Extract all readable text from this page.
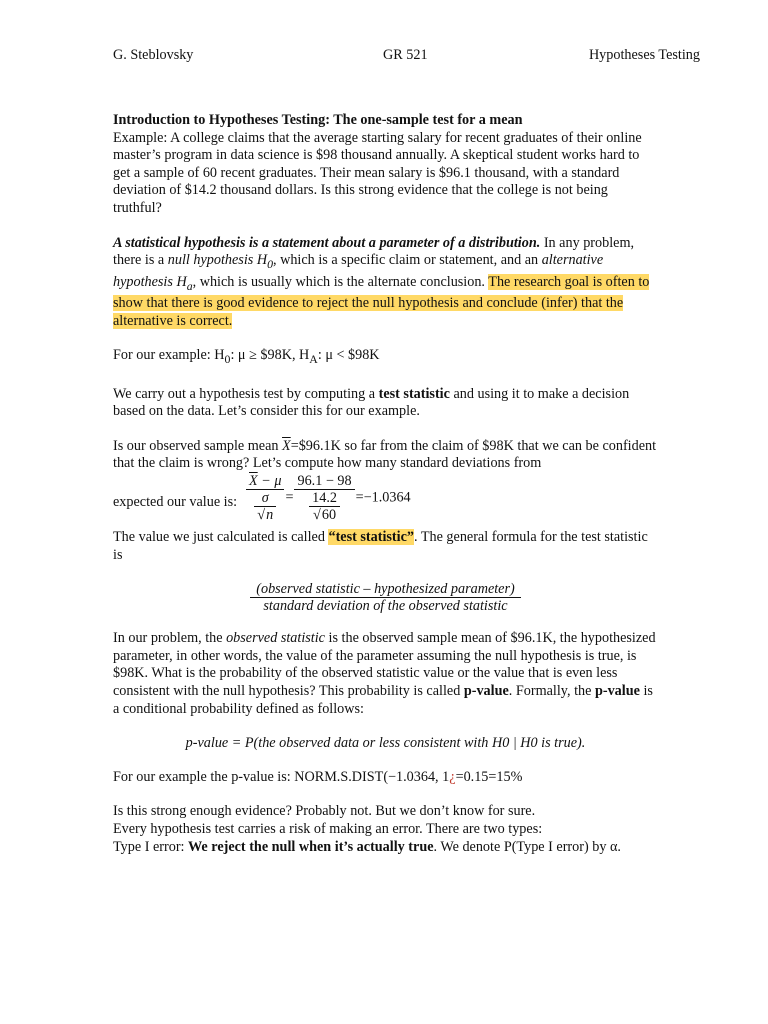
G. Steblovsky	GR 521	Hypotheses Testing

Introduction to Hypotheses Testing: The one-sample test for a mean
Example: A college claims that the average starting salary for recent graduates of their online master’s program in data science is $98 thousand annually. A skeptical student works hard to get a sample of 60 recent graduates. Their mean salary is $96.1 thousand, with a standard deviation of $14.2 thousand dollars. Is this strong evidence that the college is not being truthful?

A statistical hypothesis is a statement about a parameter of a distribution. In any problem, there is a null hypothesis $H_0$, which is a specific claim or statement, and an alternative hypothesis $H_a$, which is usually which is the alternate conclusion. The research goal is often to show that there is good evidence to reject the null hypothesis and conclude (infer) that the alternative is correct.

For our example: $H_0$: μ ≥ $98K, $H_A$: μ < $98K

We carry out a hypothesis test by computing a test statistic and using it to make a decision based on the data. Let’s consider this for our example.

Is our observed sample mean $\overline{X}=\$96.1K$ so far from the claim of $98K that we can be confident that the claim is wrong? Let’s compute how many standard deviations from

expected our value is: $\frac{\overline{X} - \mu}{\frac{\sigma}{√n}} = \frac{96.1 - 98}{\frac{14.2}{√60}} =-1.0364$

The value we just calculated is called “test statistic”. The general formula for the test statistic is

$\frac{\text{(observed statistic – hypothesized parameter)}}{\text{standard deviation of the observed statistic}}$

In our problem, the observed statistic is the observed sample mean of $96.1K, the hypothesized parameter, in other words, the value of the parameter assuming the null hypothesis is true, is $98K. What is the probability of the observed statistic value or the value that is even less consistent with the null hypothesis? This probability is called p-value. Formally, the p-value is a conditional probability defined as follows:

p-value = P(the observed data or less consistent with H0 | H0 is true).

For our example the p-value is: NORM.S.DIST(−1.0364, 1¿=0.15=15%

Is this strong enough evidence? Probably not. But we don’t know for sure.
Every hypothesis test carries a risk of making an error. There are two types:
Type I error: We reject the null when it’s actually true. We denote P(Type I error) by α.
